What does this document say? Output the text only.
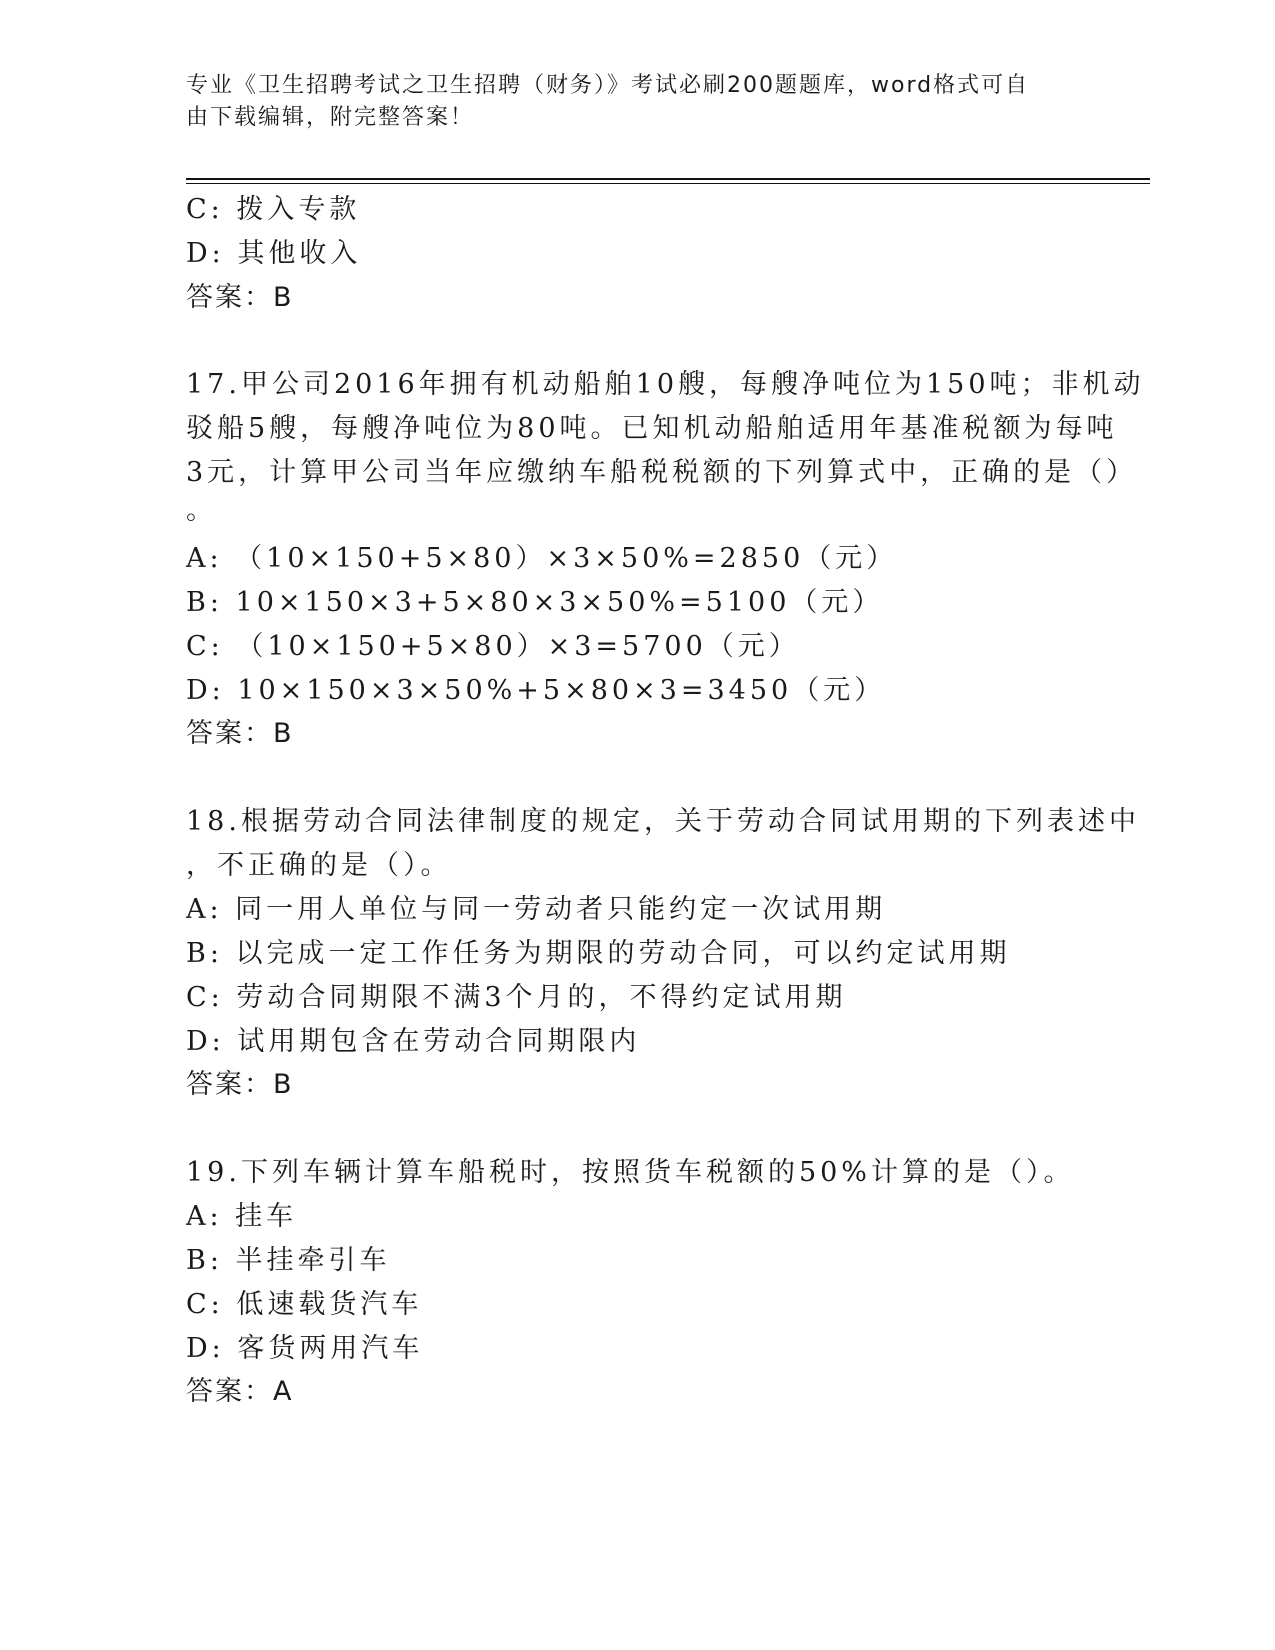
专业《卫生招聘考试之卫生招聘（财务）》考试必刷200题题库，word格式可自
由下载编辑，附完整答案！
C: 拨入专款
D: 其他收入
答案：B
17.甲公司2016年拥有机动船舶10艘，每艘净吨位为150吨；非机动
驳船5艘，每艘净吨位为80吨。已知机动船舶适用年基准税额为每吨
3元，计算甲公司当年应缴纳车船税税额的下列算式中，正确的是（）
。
A: （10×150+5×80）×3×50%=2850（元）
B: 10×150×3+5×80×3×50%=5100（元）
C: （10×150+5×80）×3=5700（元）
D: 10×150×3×50%+5×80×3=3450（元）
答案：B
18.根据劳动合同法律制度的规定，关于劳动合同试用期的下列表述中
，不正确的是（）。
A: 同一用人单位与同一劳动者只能约定一次试用期
B: 以完成一定工作任务为期限的劳动合同，可以约定试用期
C: 劳动合同期限不满3个月的，不得约定试用期
D: 试用期包含在劳动合同期限内
答案：B
19.下列车辆计算车船税时，按照货车税额的50%计算的是（）。
A: 挂车
B: 半挂牵引车
C: 低速载货汽车
D: 客货两用汽车
答案：A
